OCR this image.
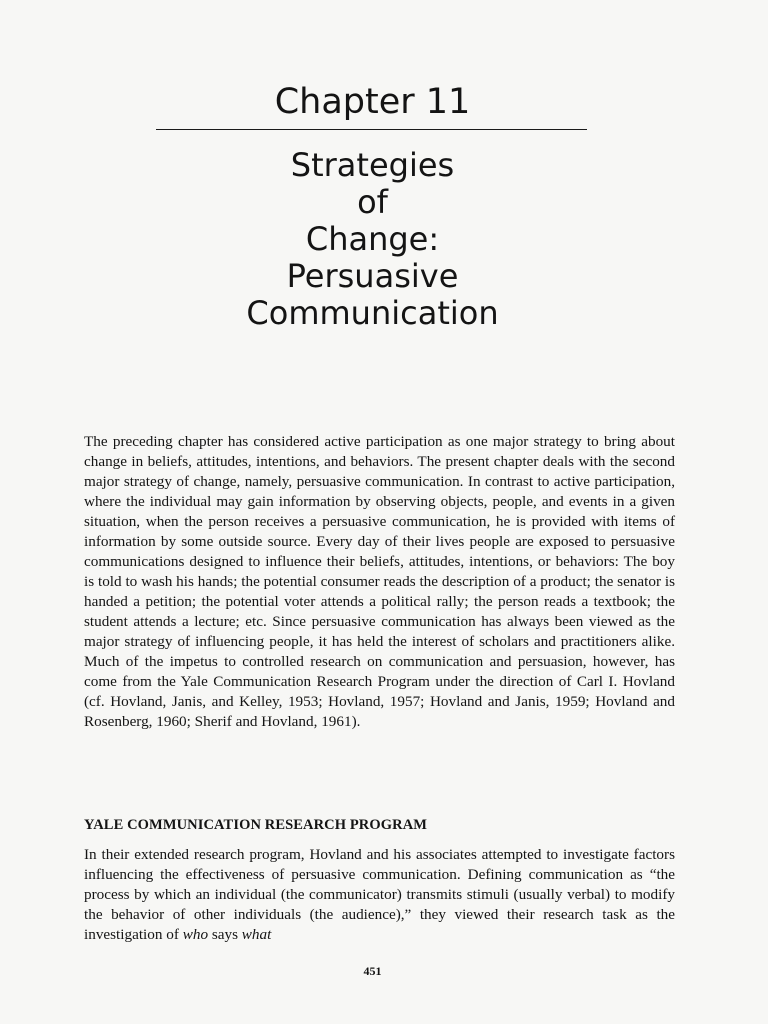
Chapter 11
Strategies
of
Change:
Persuasive
Communication
The preceding chapter has considered active participation as one major strategy to bring about change in beliefs, attitudes, intentions, and behaviors. The present chapter deals with the second major strategy of change, namely, persuasive communication. In contrast to active participation, where the individual may gain information by observing objects, people, and events in a given situation, when the person receives a persuasive communication, he is provided with items of information by some outside source. Every day of their lives people are exposed to persuasive communications designed to influence their beliefs, attitudes, intentions, or behaviors: The boy is told to wash his hands; the potential consumer reads the description of a product; the senator is handed a petition; the potential voter attends a political rally; the person reads a textbook; the student attends a lecture; etc. Since persuasive communication has always been viewed as the major strategy of influencing people, it has held the interest of scholars and practitioners alike. Much of the impetus to controlled research on communication and persuasion, however, has come from the Yale Communication Research Program under the direction of Carl I. Hovland (cf. Hovland, Janis, and Kelley, 1953; Hovland, 1957; Hovland and Janis, 1959; Hovland and Rosenberg, 1960; Sherif and Hovland, 1961).
YALE COMMUNICATION RESEARCH PROGRAM
In their extended research program, Hovland and his associates attempted to investigate factors influencing the effectiveness of persuasive communication. Defining communication as “the process by which an individual (the communicator) transmits stimuli (usually verbal) to modify the behavior of other individuals (the audience),” they viewed their research task as the investigation of who says what
451
